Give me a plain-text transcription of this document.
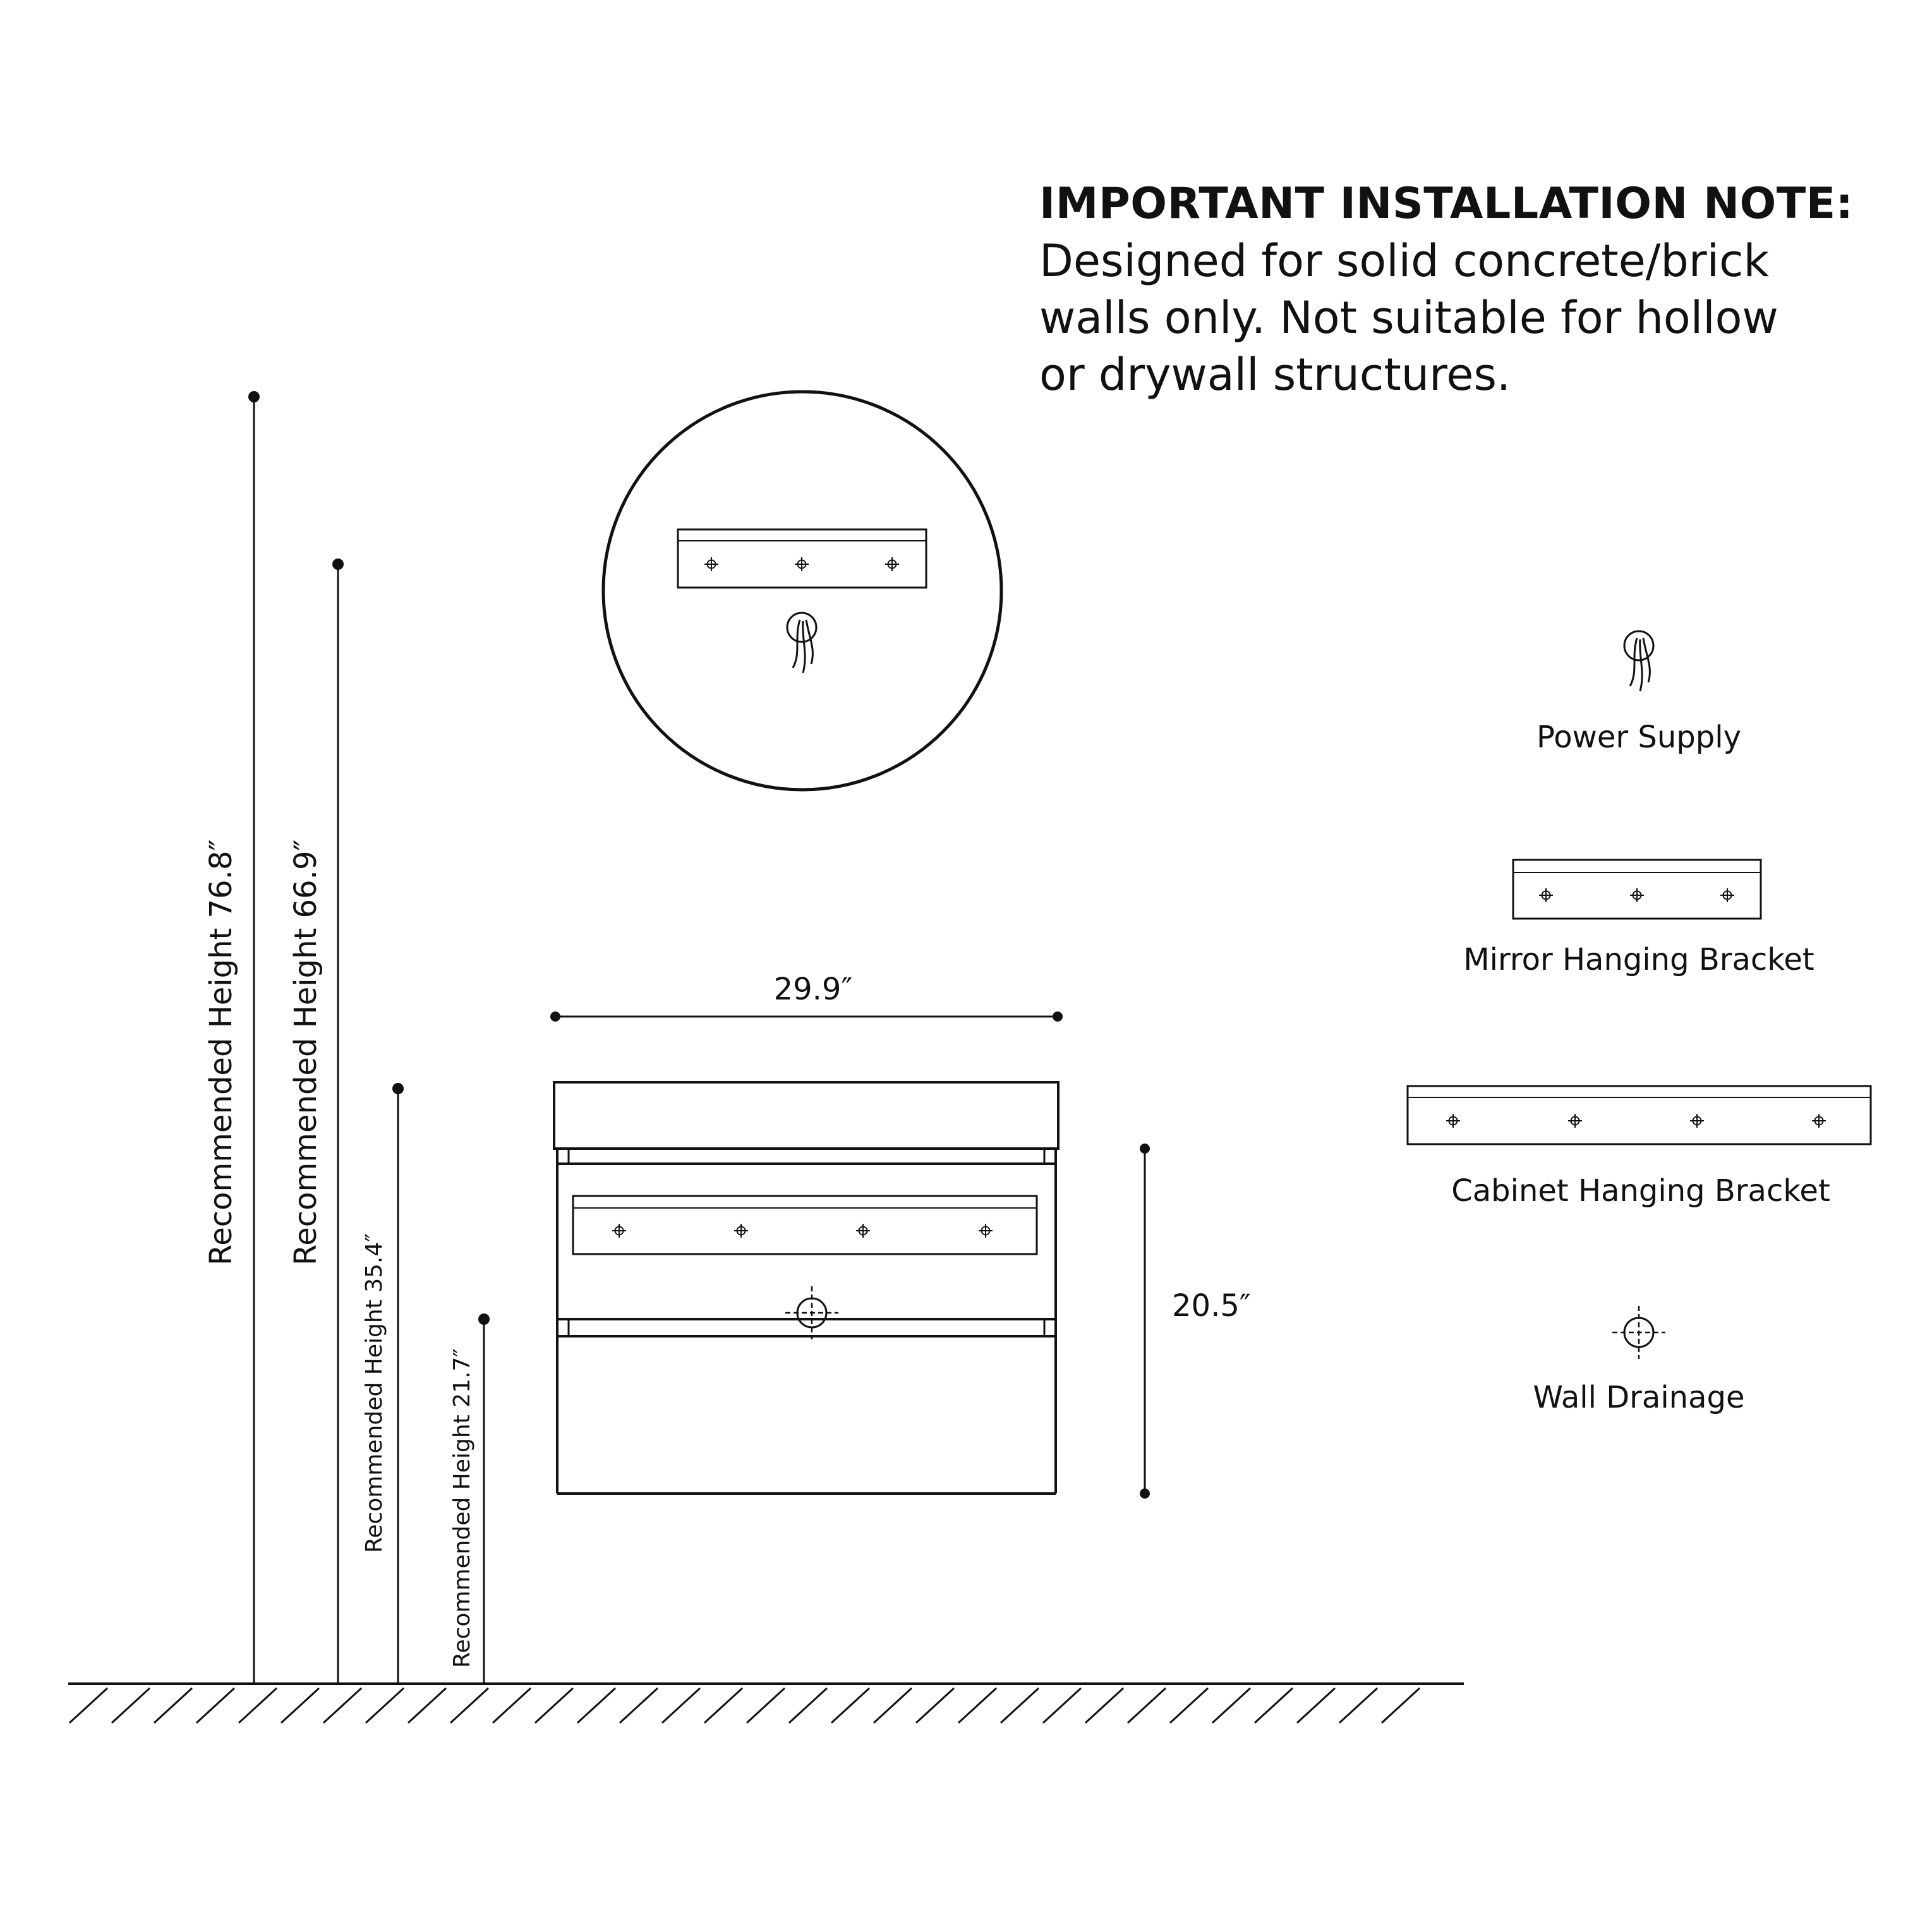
IMPORTANT INSTALLATION NOTE:
Designed for solid concrete/brick
walls only. Not suitable for hollow
or drywall structures.
Recommended Height 76.8″ Recommended Height 66.9″
Recommended Height 35.4″	Recommended Height 21.7″
29.9″
20.5″
Power Supply
Mirror Hanging Bracket
Cabinet Hanging Bracket
Wall Drainage
